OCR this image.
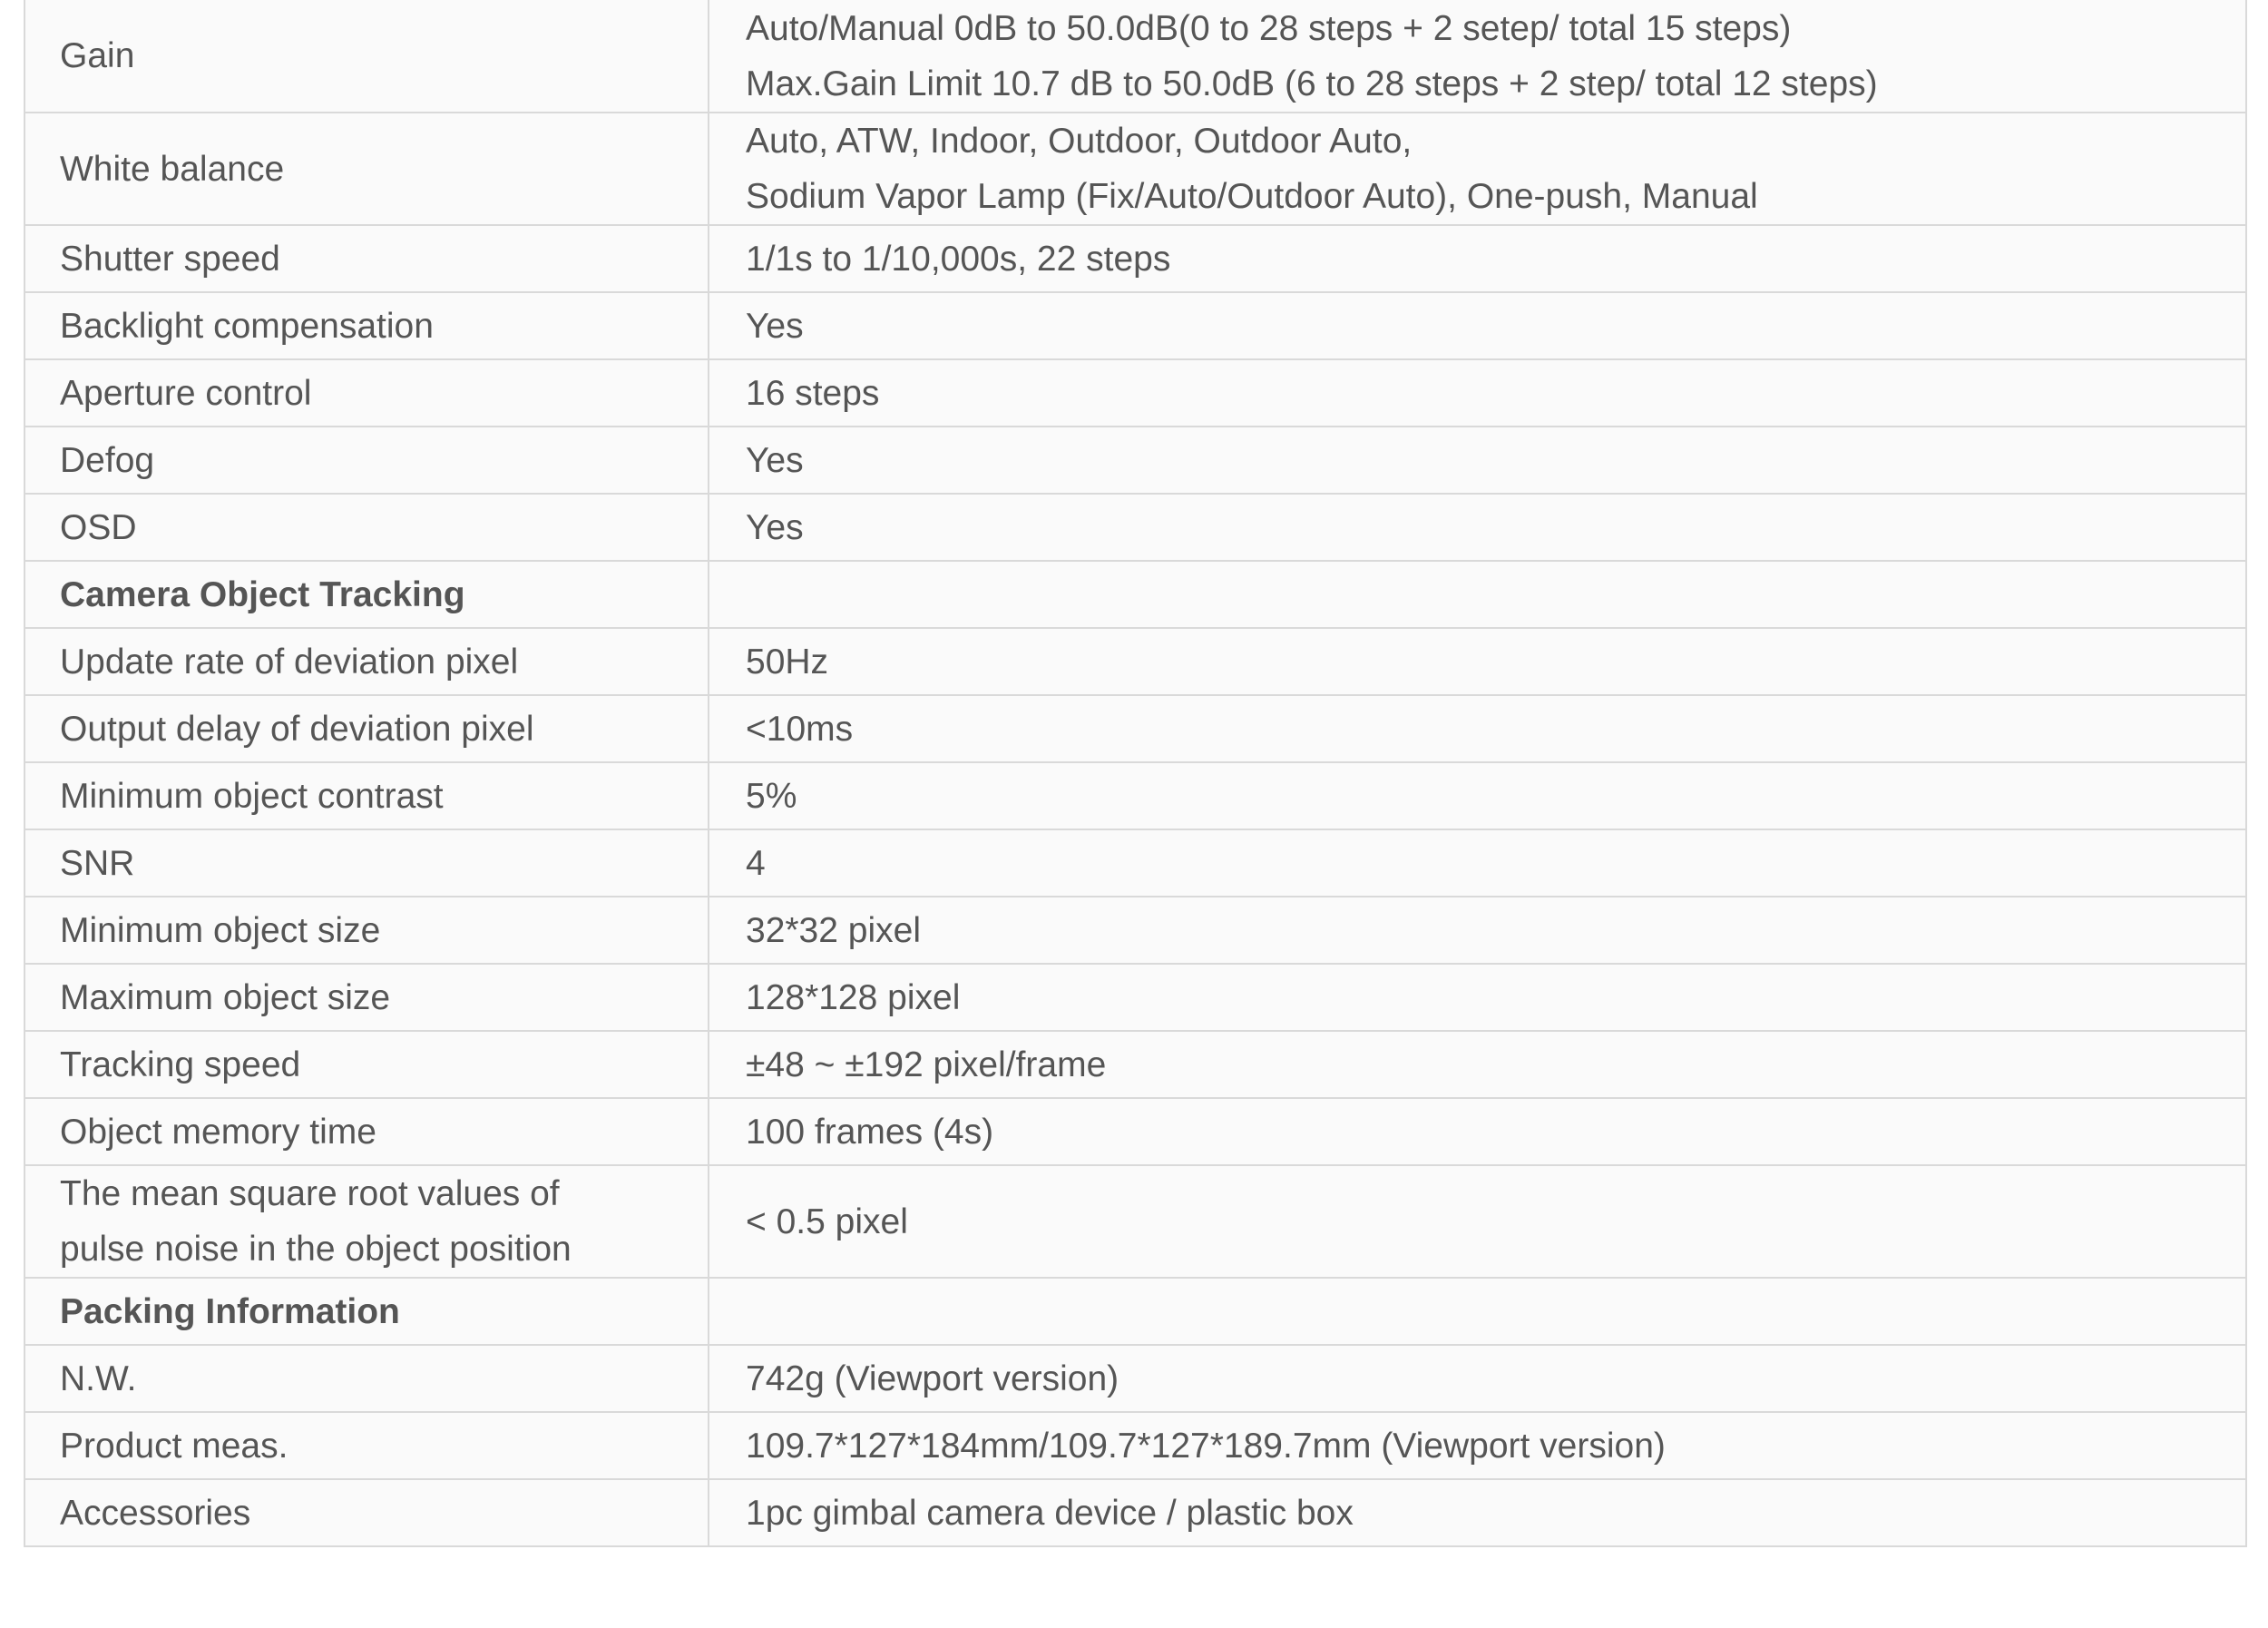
Gain	Auto/Manual 0dB to 50.0dB(0 to 28 steps + 2 setep/ total 15 steps)
Max.Gain Limit 10.7 dB to 50.0dB (6 to 28 steps + 2 step/ total 12 steps)

White balance	Auto, ATW, Indoor, Outdoor, Outdoor Auto,
Sodium Vapor Lamp (Fix/Auto/Outdoor Auto), One-push, Manual

Shutter speed	1/1s to 1/10,000s, 22 steps

Backlight compensation	Yes

Aperture control	16 steps

Defog	Yes

OSD	Yes

Camera Object Tracking	

Update rate of deviation pixel	50Hz

Output delay of deviation pixel	<10ms

Minimum object contrast	5%

SNR	4

Minimum object size	32*32 pixel

Maximum object size	128*128 pixel

Tracking speed	±48 ~ ±192 pixel/frame

Object memory time	100 frames (4s)

The mean square root values of
pulse noise in the object position	< 0.5 pixel

Packing Information	

N.W.	742g (Viewport version)

Product meas.	109.7*127*184mm/109.7*127*189.7mm (Viewport version)

Accessories	1pc gimbal camera device / plastic box
